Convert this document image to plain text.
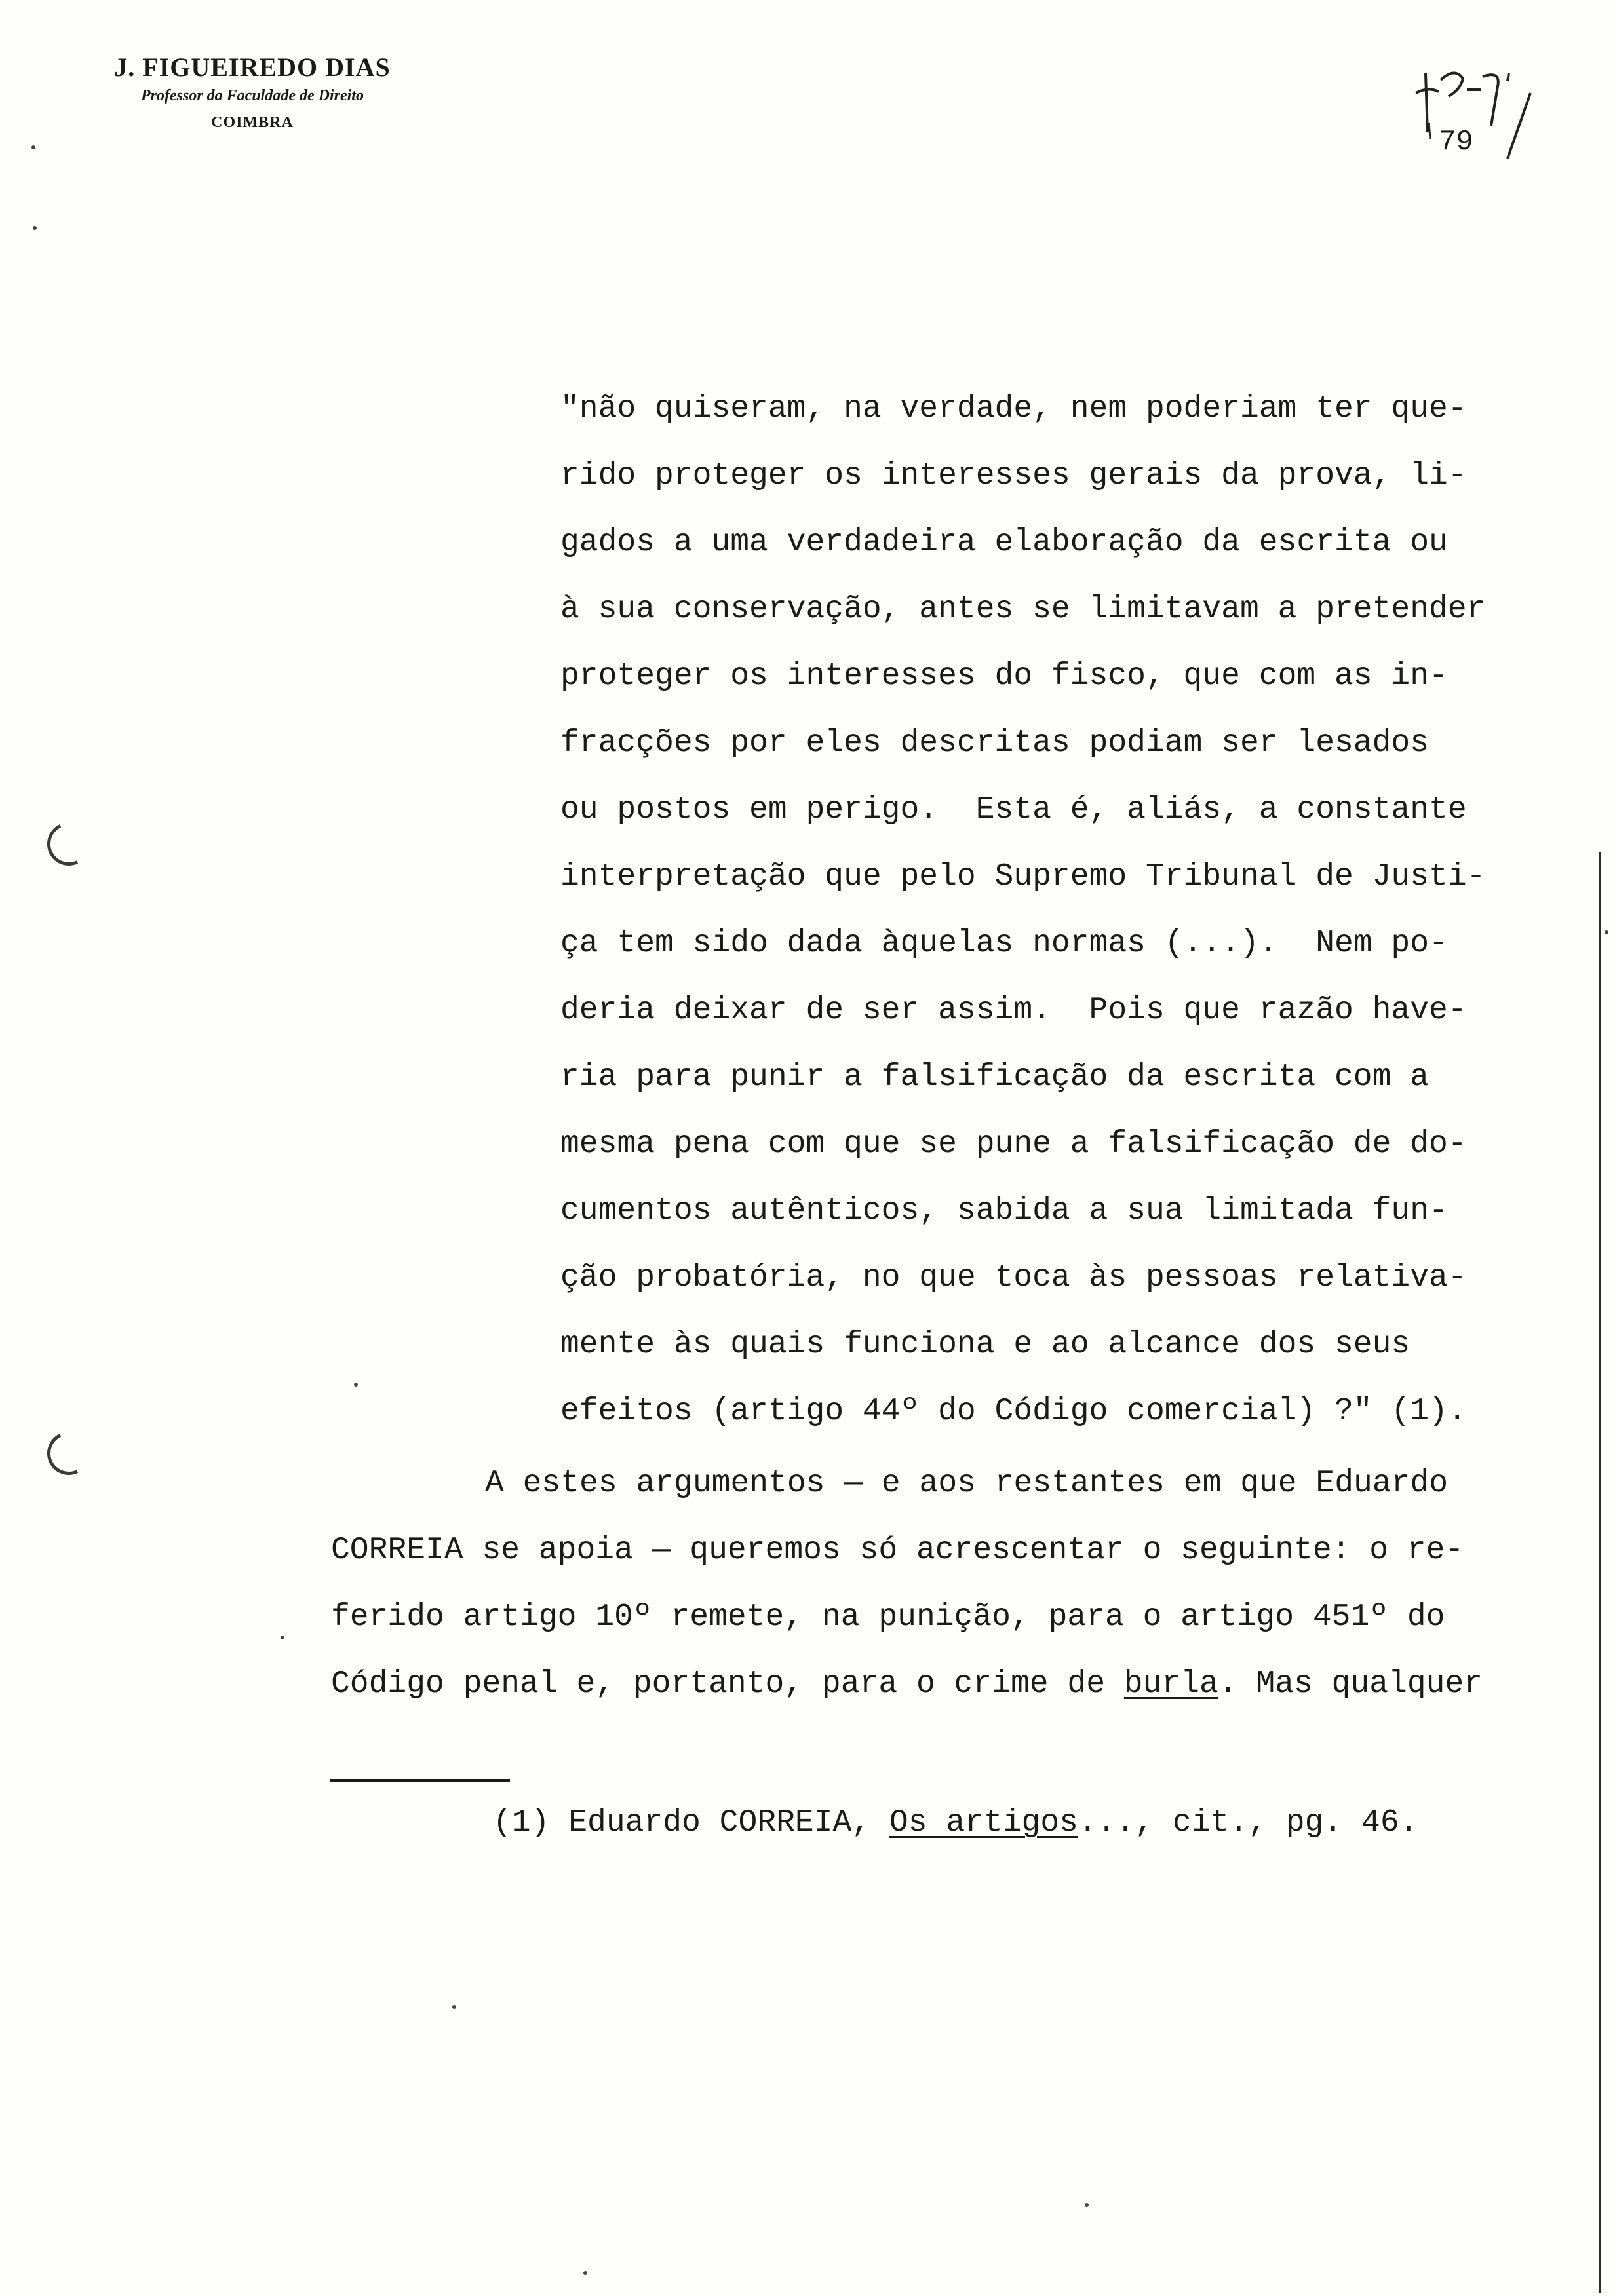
J. FIGUEIREDO DIAS
Professor da Faculdade de Direito
COIMBRA
79
"não quiseram, na verdade, nem poderiam ter que-
rido proteger os interesses gerais da prova, li-
gados a uma verdadeira elaboração da escrita ou
à sua conservação, antes se limitavam a pretender
proteger os interesses do fisco, que com as in-
fracções por eles descritas podiam ser lesados
ou postos em perigo.  Esta é, aliás, a constante
interpretação que pelo Supremo Tribunal de Justi-
ça tem sido dada àquelas normas (...).  Nem po-
deria deixar de ser assim.  Pois que razão have-
ria para punir a falsificação da escrita com a
mesma pena com que se pune a falsificação de do-
cumentos autênticos, sabida a sua limitada fun-
ção probatória, no que toca às pessoas relativa-
mente às quais funciona e ao alcance dos seus
efeitos (artigo 44º do Código comercial) ?" (1).
A estes argumentos — e aos restantes em que Eduardo
CORREIA se apoia — queremos só acrescentar o seguinte: o re-
ferido artigo 10º remete, na punição, para o artigo 451º do
Código penal e, portanto, para o crime de burla. Mas qualquer
(1) Eduardo CORREIA, Os artigos..., cit., pg. 46.
